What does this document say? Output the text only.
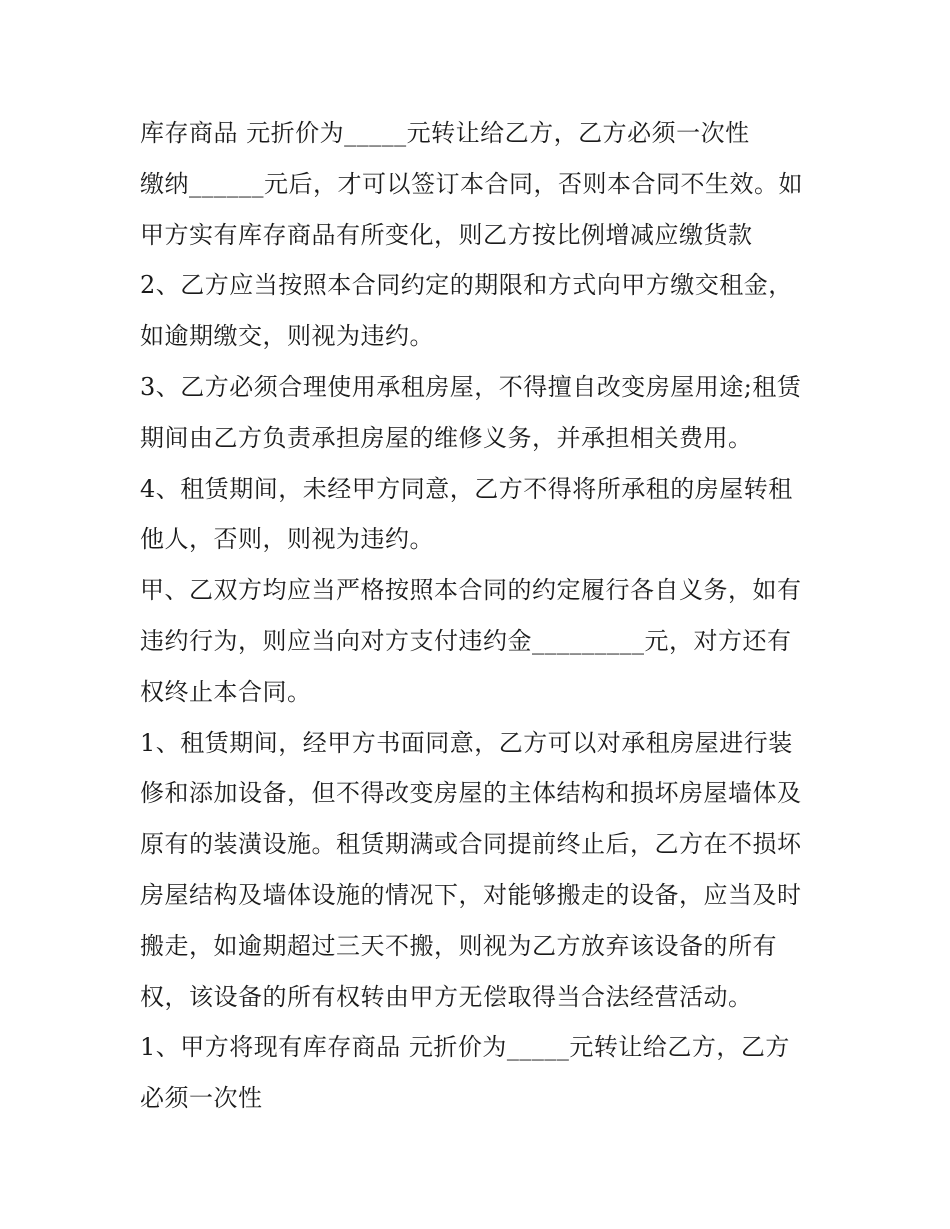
库存商品 元折价为_____元转让给乙方，乙方必须一次性
缴纳______元后，才可以签订本合同，否则本合同不生效。如
甲方实有库存商品有所变化，则乙方按比例增减应缴货款
2、乙方应当按照本合同约定的期限和方式向甲方缴交租金，
如逾期缴交，则视为违约。
3、乙方必须合理使用承租房屋，不得擅自改变房屋用途;租赁
期间由乙方负责承担房屋的维修义务，并承担相关费用。
4、租赁期间，未经甲方同意，乙方不得将所承租的房屋转租
他人，否则，则视为违约。
甲、乙双方均应当严格按照本合同的约定履行各自义务，如有
违约行为，则应当向对方支付违约金_________元，对方还有
权终止本合同。
1、租赁期间，经甲方书面同意，乙方可以对承租房屋进行装
修和添加设备，但不得改变房屋的主体结构和损坏房屋墙体及
原有的装潢设施。租赁期满或合同提前终止后，乙方在不损坏
房屋结构及墙体设施的情况下，对能够搬走的设备，应当及时
搬走，如逾期超过三天不搬，则视为乙方放弃该设备的所有
权，该设备的所有权转由甲方无偿取得当合法经营活动。
1、甲方将现有库存商品 元折价为_____元转让给乙方，乙方
必须一次性
